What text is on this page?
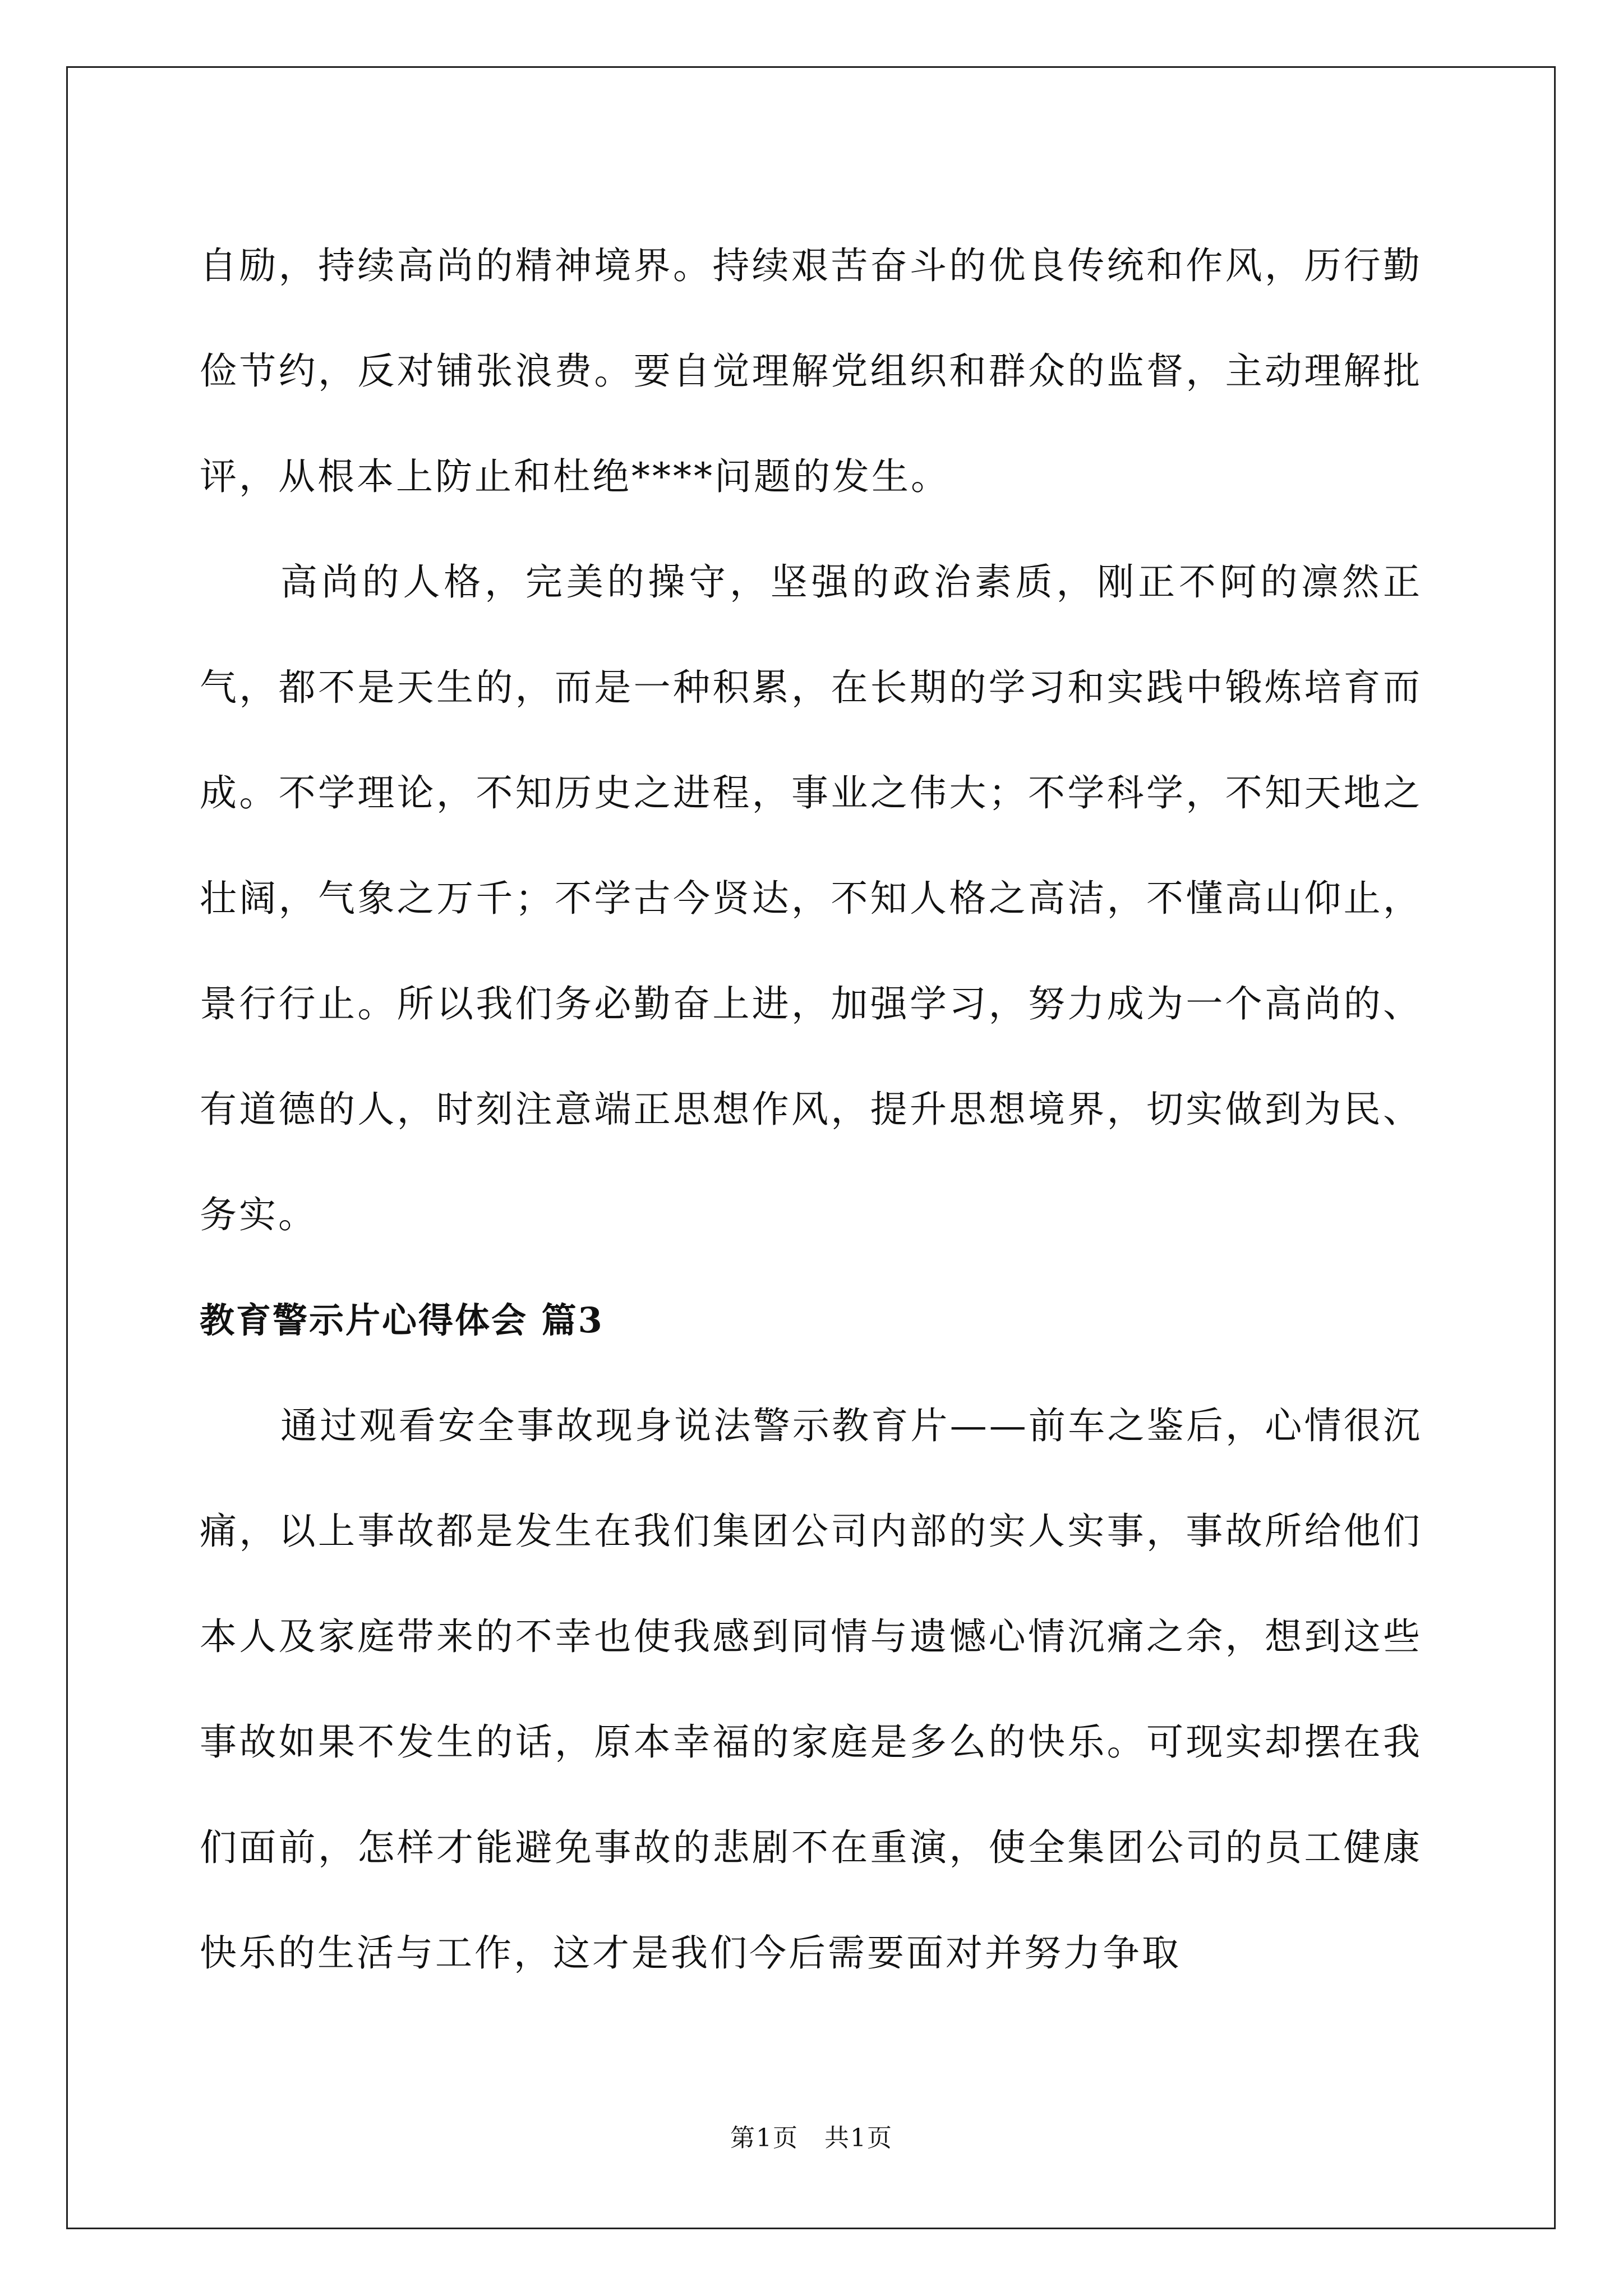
自励，持续高尚的精神境界。持续艰苦奋斗的优良传统和作风，历行勤俭节约，反对铺张浪费。要自觉理解党组织和群众的监督，主动理解批评，从根本上防止和杜绝****问题的发生。

高尚的人格，完美的操守，坚强的政治素质，刚正不阿的凛然正气，都不是天生的，而是一种积累，在长期的学习和实践中锻炼培育而成。不学理论，不知历史之进程，事业之伟大；不学科学，不知天地之壮阔，气象之万千；不学古今贤达，不知人格之高洁，不懂高山仰止，景行行止。所以我们务必勤奋上进，加强学习，努力成为一个高尚的、有道德的人，时刻注意端正思想作风，提升思想境界，切实做到为民、务实。

教育警示片心得体会 篇3

通过观看安全事故现身说法警示教育片——前车之鉴后，心情很沉痛，以上事故都是发生在我们集团公司内部的实人实事，事故所给他们本人及家庭带来的不幸也使我感到同情与遗憾心情沉痛之余，想到这些事故如果不发生的话，原本幸福的家庭是多么的快乐。可现实却摆在我们面前，怎样才能避免事故的悲剧不在重演，使全集团公司的员工健康快乐的生活与工作，这才是我们今后需要面对并努力争取

第1页　共1页
